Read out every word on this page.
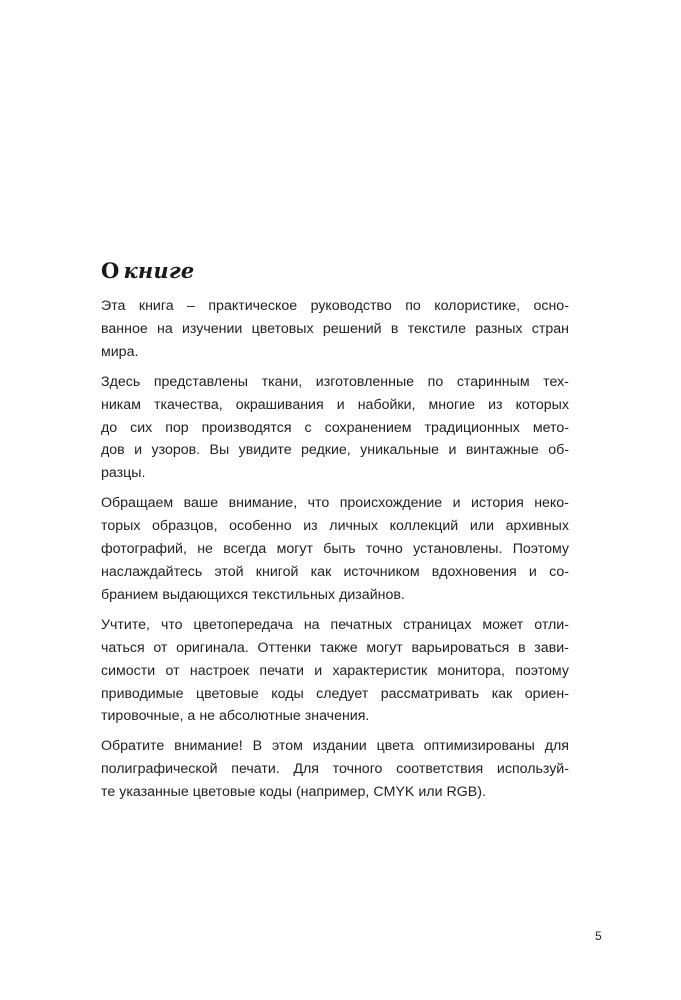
О книге
Эта книга – практическое руководство по колористике, осно-
ванное на изучении цветовых решений в текстиле разных стран
мира.
Здесь представлены ткани, изготовленные по старинным тех-
никам ткачества, окрашивания и набойки, многие из которых
до сих пор производятся с сохранением традиционных мето-
дов и узоров. Вы увидите редкие, уникальные и винтажные об-
разцы.
Обращаем ваше внимание, что происхождение и история неко-
торых образцов, особенно из личных коллекций или архивных
фотографий, не всегда могут быть точно установлены. Поэтому
наслаждайтесь этой книгой как источником вдохновения и со-
бранием выдающихся текстильных дизайнов.
Учтите, что цветопередача на печатных страницах может отли-
чаться от оригинала. Оттенки также могут варьироваться в зави-
симости от настроек печати и характеристик монитора, поэтому
приводимые цветовые коды следует рассматривать как ориен-
тировочные, а не абсолютные значения.
Обратите внимание! В этом издании цвета оптимизированы для
полиграфической печати. Для точного соответствия используй-
те указанные цветовые коды (например, CMYK или RGB).
5
